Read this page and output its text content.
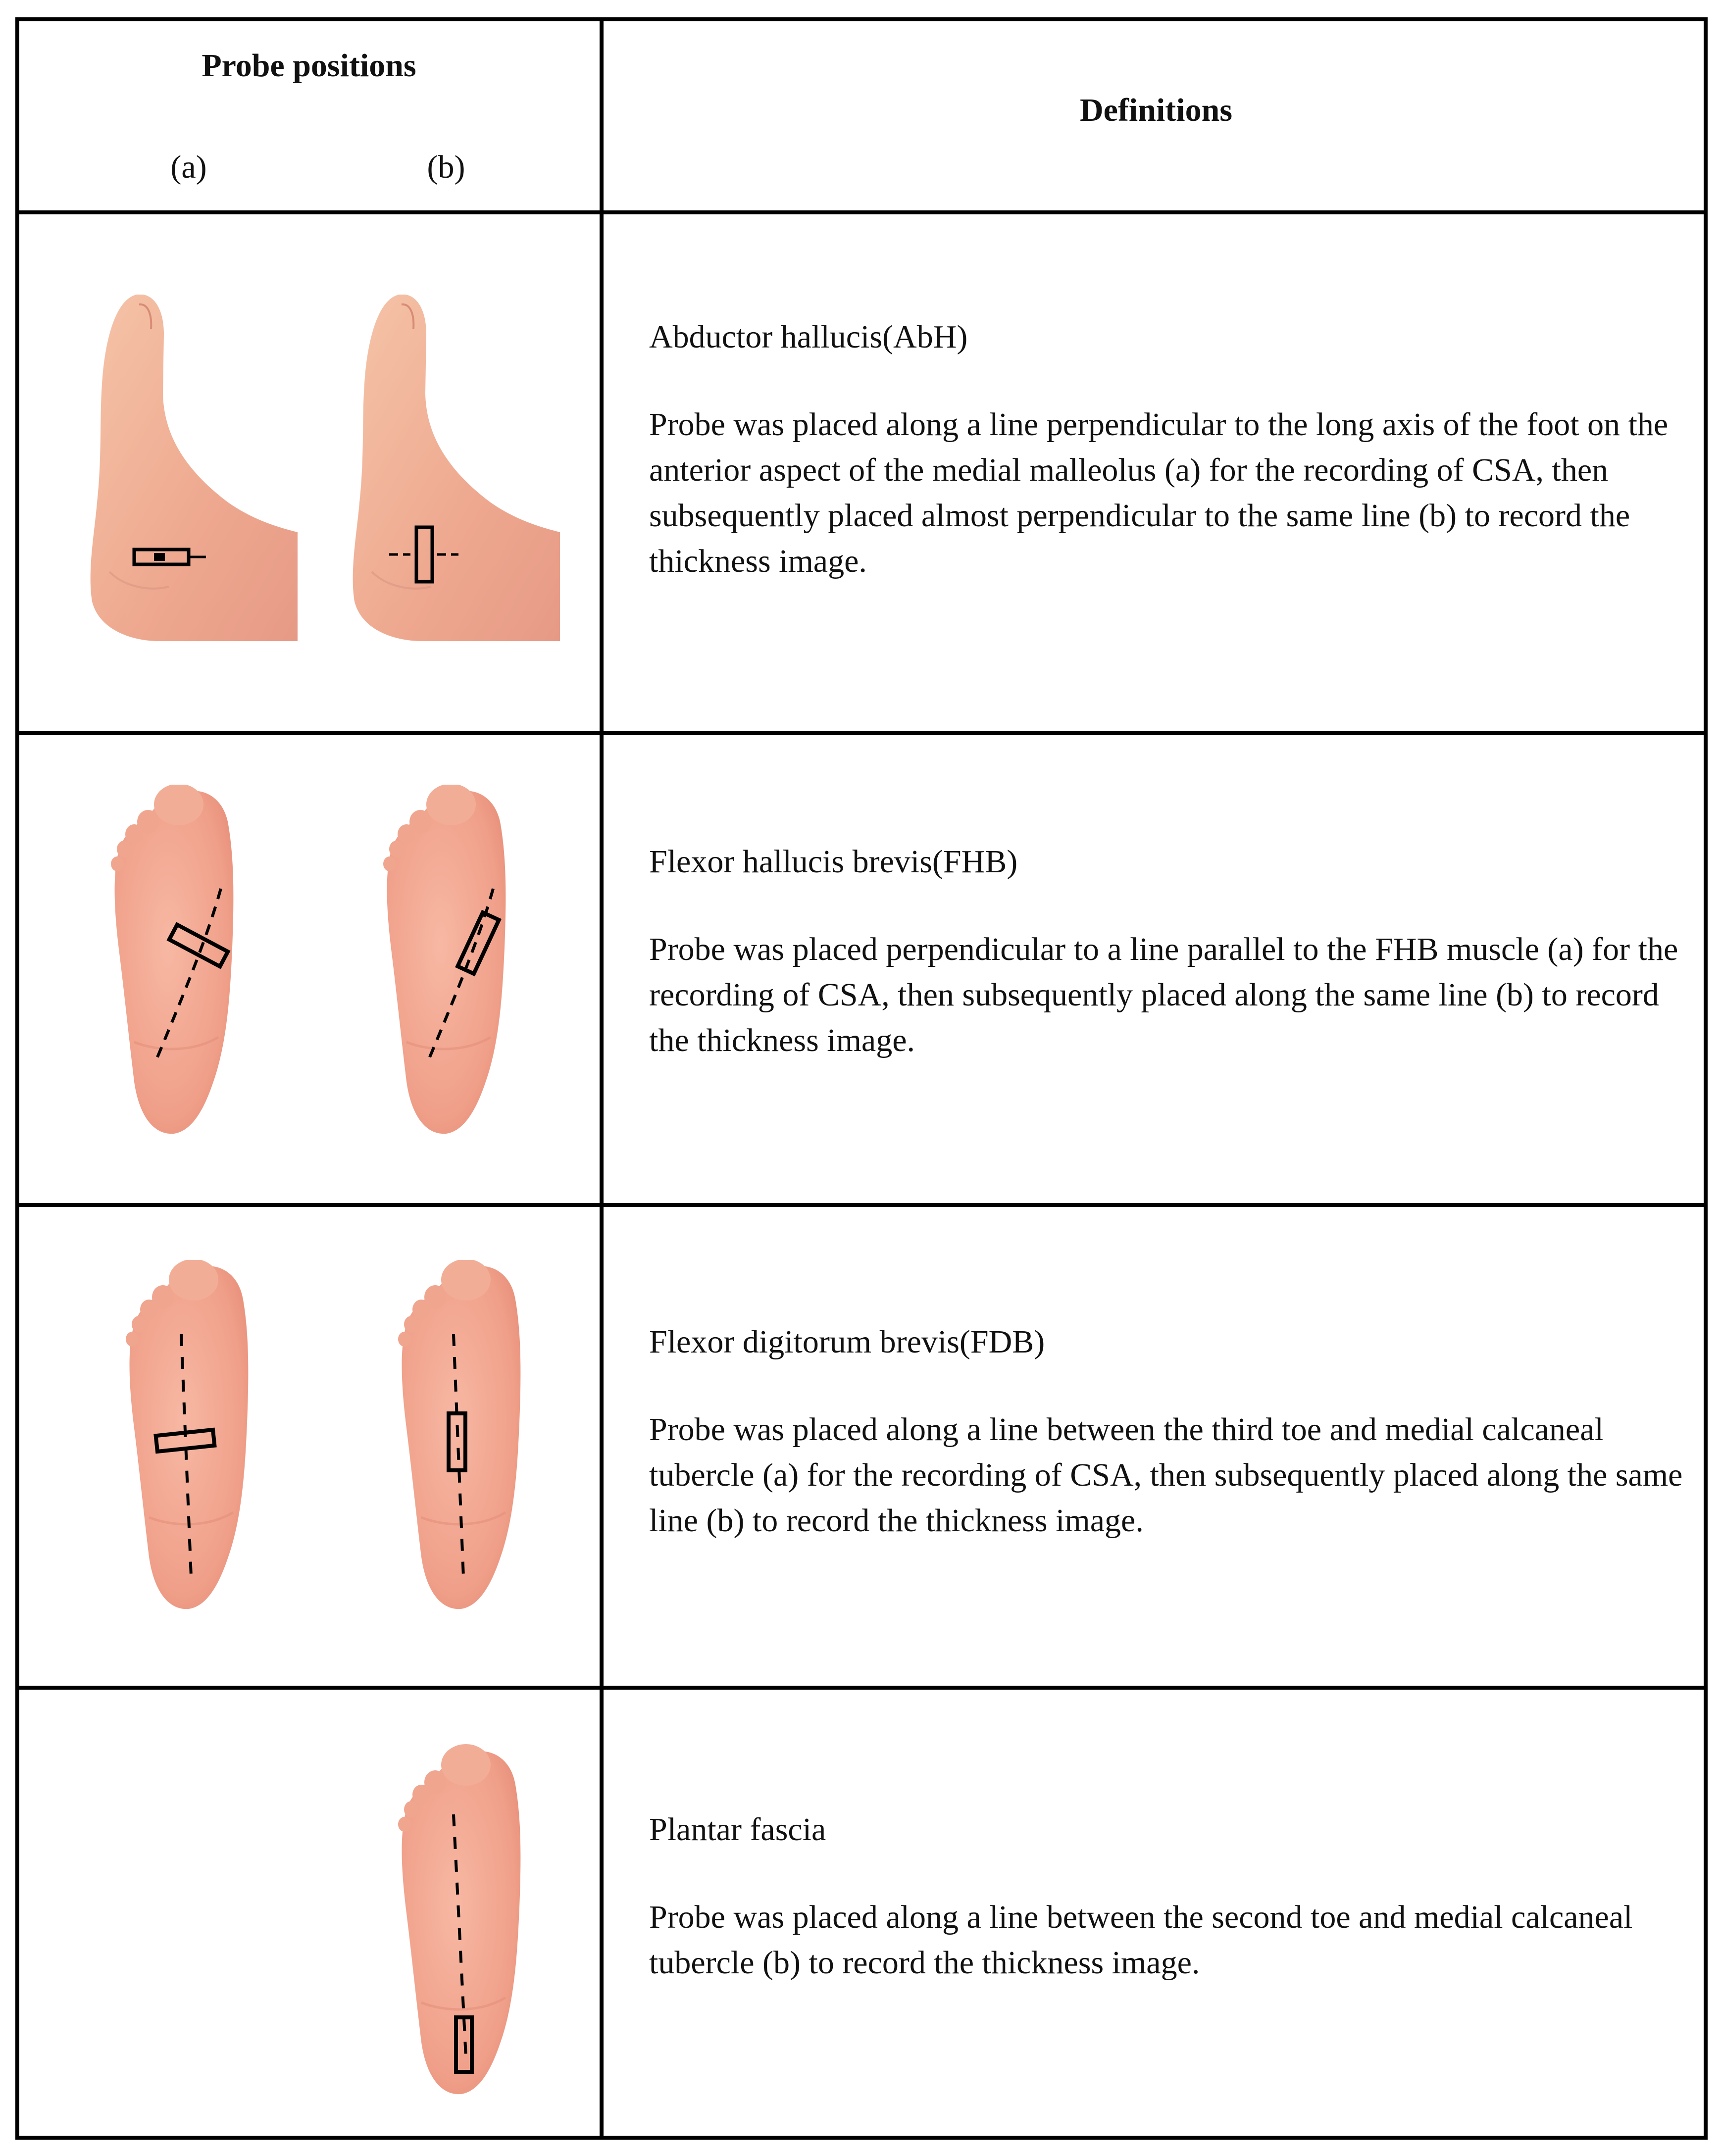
Probe positions
(a)	(b)
Definitions

Abductor hallucis(AbH)

Probe was placed along a line perpendicular to the long axis of the foot on the anterior aspect of the medial malleolus (a) for the recording of CSA, then subsequently placed almost perpendicular to the same line (b) to record the thickness image.

Flexor hallucis brevis(FHB)

Probe was placed perpendicular to a line parallel to the FHB muscle (a) for the recording of CSA, then subsequently placed along the same line (b) to record the thickness image.

Flexor digitorum brevis(FDB)

Probe was placed along a line between the third toe and medial calcaneal tubercle (a) for the recording of CSA, then subsequently placed along the same line (b) to record the thickness image.

Plantar fascia

Probe was placed along a line between the second toe and medial calcaneal tubercle (b) to record the thickness image.
